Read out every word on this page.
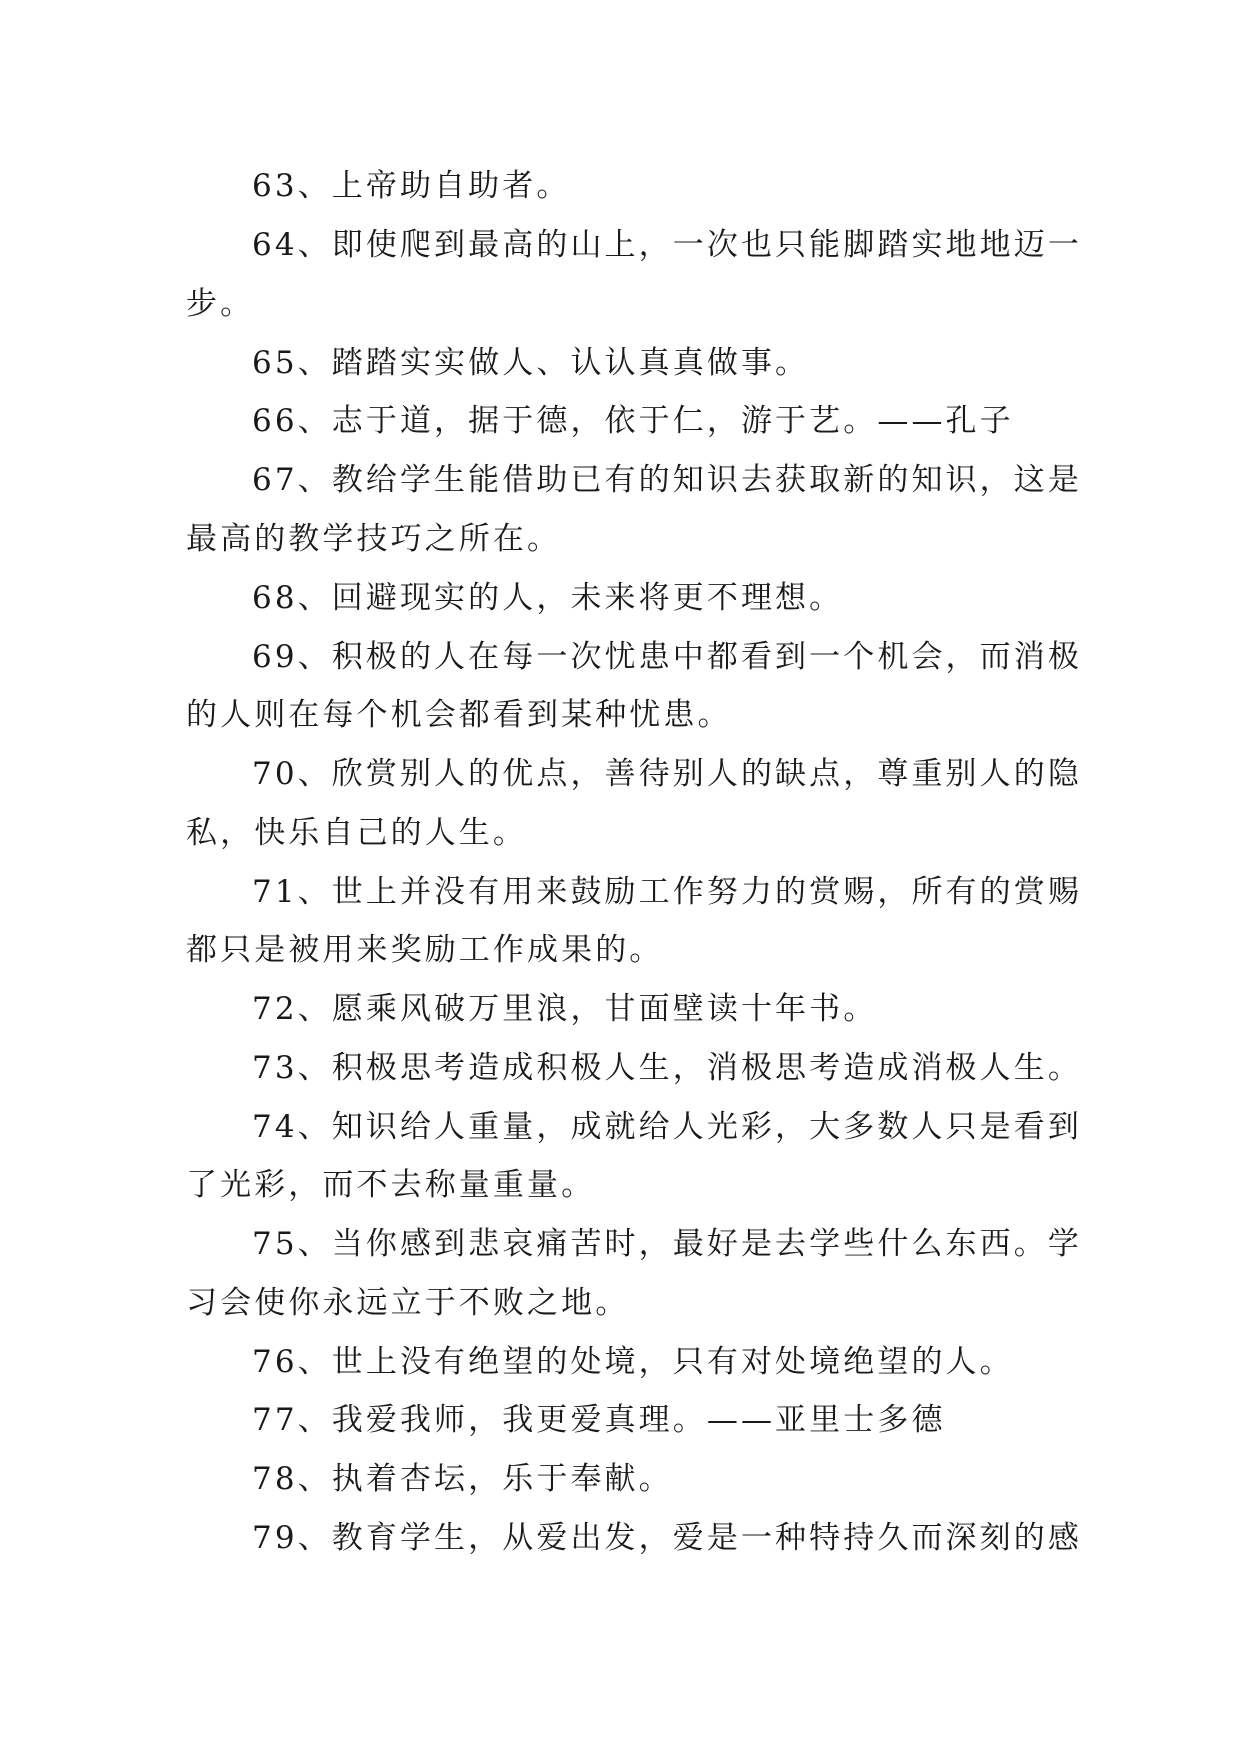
63、上帝助自助者。
64、即使爬到最高的山上，一次也只能脚踏实地地迈一
步。
65、踏踏实实做人、认认真真做事。
66、志于道，据于德，依于仁，游于艺。——孔子
67、教给学生能借助已有的知识去获取新的知识，这是
最高的教学技巧之所在。
68、回避现实的人，未来将更不理想。
69、积极的人在每一次忧患中都看到一个机会，而消极
的人则在每个机会都看到某种忧患。
70、欣赏别人的优点，善待别人的缺点，尊重别人的隐
私，快乐自己的人生。
71、世上并没有用来鼓励工作努力的赏赐，所有的赏赐
都只是被用来奖励工作成果的。
72、愿乘风破万里浪，甘面壁读十年书。
73、积极思考造成积极人生，消极思考造成消极人生。
74、知识给人重量，成就给人光彩，大多数人只是看到
了光彩，而不去称量重量。
75、当你感到悲哀痛苦时，最好是去学些什么东西。学
习会使你永远立于不败之地。
76、世上没有绝望的处境，只有对处境绝望的人。
77、我爱我师，我更爱真理。——亚里士多德
78、执着杏坛，乐于奉献。
79、教育学生，从爱出发，爱是一种特持久而深刻的感
